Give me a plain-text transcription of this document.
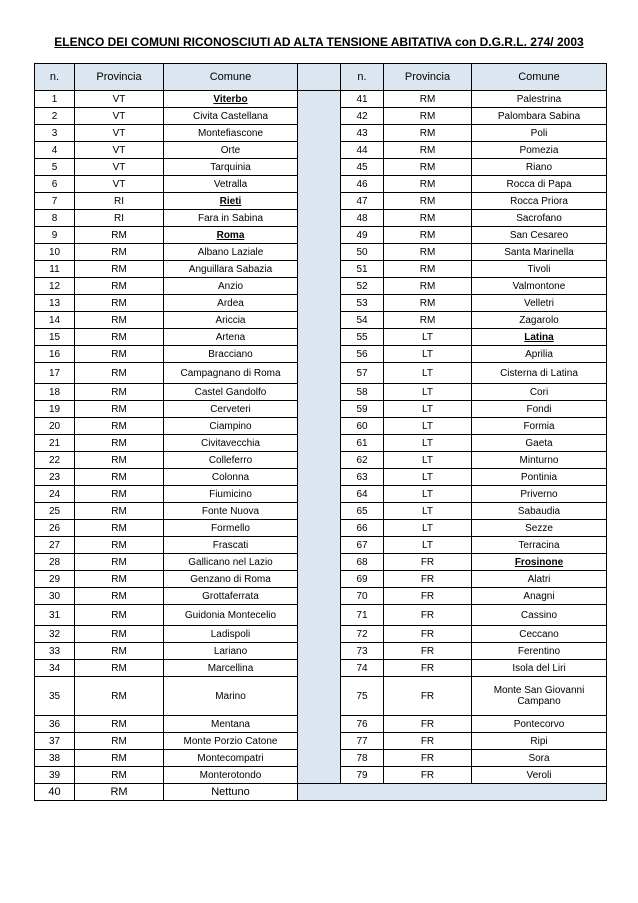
ELENCO DEI COMUNI RICONOSCIUTI AD ALTA TENSIONE ABITATIVA con D.G.R.L. 274/ 2003
n.	Provincia	Comune		n.	Provincia	Comune
1	VT	Viterbo		41	RM	Palestrina
2	VT	Civita Castellana		42	RM	Palombara Sabina
3	VT	Montefiascone		43	RM	Poli
4	VT	Orte		44	RM	Pomezia
5	VT	Tarquinia		45	RM	Riano
6	VT	Vetralla		46	RM	Rocca di Papa
7	RI	Rieti		47	RM	Rocca Priora
8	RI	Fara in Sabina		48	RM	Sacrofano
9	RM	Roma		49	RM	San Cesareo
10	RM	Albano Laziale		50	RM	Santa Marinella
11	RM	Anguillara Sabazia		51	RM	Tivoli
12	RM	Anzio		52	RM	Valmontone
13	RM	Ardea		53	RM	Velletri
14	RM	Ariccia		54	RM	Zagarolo
15	RM	Artena		55	LT	Latina
16	RM	Bracciano		56	LT	Aprilia
17	RM	Campagnano di Roma		57	LT	Cisterna di Latina
18	RM	Castel Gandolfo		58	LT	Cori
19	RM	Cerveteri		59	LT	Fondi
20	RM	Ciampino		60	LT	Formia
21	RM	Civitavecchia		61	LT	Gaeta
22	RM	Colleferro		62	LT	Minturno
23	RM	Colonna		63	LT	Pontinia
24	RM	Fiumicino		64	LT	Priverno
25	RM	Fonte Nuova		65	LT	Sabaudia
26	RM	Formello		66	LT	Sezze
27	RM	Frascati		67	LT	Terracina
28	RM	Gallicano nel Lazio		68	FR	Frosinone
29	RM	Genzano di Roma		69	FR	Alatri
30	RM	Grottaferrata		70	FR	Anagni
31	RM	Guidonia Montecelio		71	FR	Cassino
32	RM	Ladispoli		72	FR	Ceccano
33	RM	Lariano		73	FR	Ferentino
34	RM	Marcellina		74	FR	Isola del Liri
35	RM	Marino		75	FR	Monte San Giovanni Campano
36	RM	Mentana		76	FR	Pontecorvo
37	RM	Monte Porzio Catone		77	FR	Ripi
38	RM	Montecompatri		78	FR	Sora
39	RM	Monterotondo		79	FR	Veroli
40	RM	Nettuno				
